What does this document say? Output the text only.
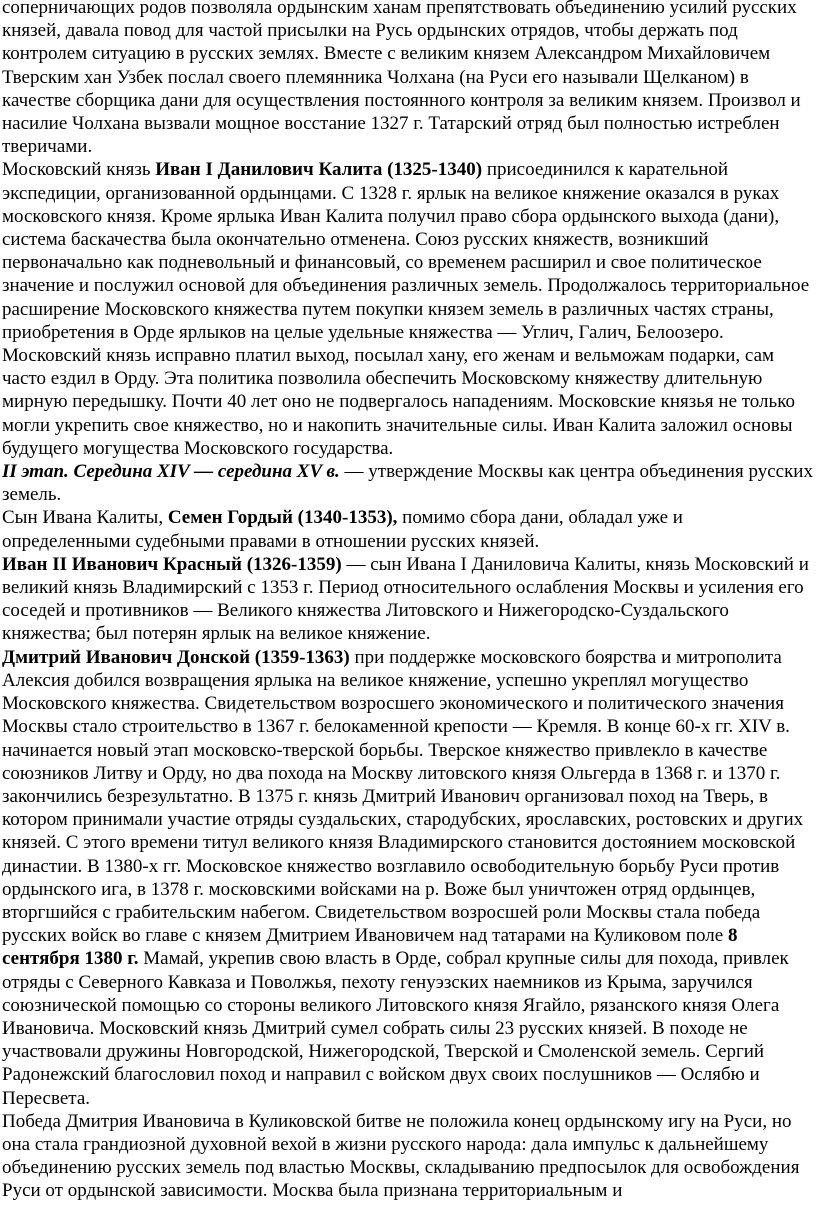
соперничающих родов позволяла ордынским ханам препятствовать объединению усилий русских князей, давала повод для частой присылки на Русь ордынских отрядов, чтобы держать под контролем ситуацию в русских землях. Вместе с великим князем Александром Михайловичем Тверским хан Узбек послал своего племянника Чолхана (на Руси его называли Щелканом) в качестве сборщика дани для осуществления постоянного контроля за великим князем. Произвол и насилие Чолхана вызвали мощное восстание 1327 г. Татарский отряд был полностью истреблен тверичами.

Московский князь Иван I Данилович Калита (1325-1340) присоединился к карательной экспедиции, организованной ордынцами. С 1328 г. ярлык на великое княжение оказался в руках московского князя. Кроме ярлыка Иван Калита получил право сбора ордынского выхода (дани), система баскачества была окончательно отменена. Союз русских княжеств, возникший первоначально как подневольный и финансовый, со временем расширил и свое политическое значение и послужил основой для объединения различных земель. Продолжалось территориальное расширение Московского княжества путем покупки князем земель в различных частях страны, приобретения в Орде ярлыков на целые удельные княжества — Углич, Галич, Белоозеро. Московский князь исправно платил выход, посылал хану, его женам и вельможам подарки, сам часто ездил в Орду. Эта политика позволила обеспечить Московскому княжеству длительную мирную передышку. Почти 40 лет оно не подвергалось нападениям. Московские князья не только могли укрепить свое княжество, но и накопить значительные силы. Иван Калита заложил основы будущего могущества Московского государства.

II этап. Середина XIV — середина XV в. — утверждение Москвы как центра объединения русских земель.

Сын Ивана Калиты, Семен Гордый (1340-1353), помимо сбора дани, обладал уже и определенными судебными правами в отношении русских князей.

Иван II Иванович Красный (1326-1359) — сын Ивана I Даниловича Калиты, князь Московский и великий князь Владимирский с 1353 г. Период относительного ослабления Москвы и усиления его соседей и противников — Великого княжества Литовского и Нижегородско-Суздальского княжества; был потерян ярлык на великое княжение.

Дмитрий Иванович Донской (1359-1363) при поддержке московского боярства и митрополита Алексия добился возвращения ярлыка на великое княжение, успешно укреплял могущество Московского княжества. Свидетельством возросшего экономического и политического значения Москвы стало строительство в 1367 г. белокаменной крепости — Кремля. В конце 60-х гг. XIV в. начинается новый этап московско-тверской борьбы. Тверское княжество привлекло в качестве союзников Литву и Орду, но два похода на Москву литовского князя Ольгерда в 1368 г. и 1370 г. закончились безрезультатно. В 1375 г. князь Дмитрий Иванович организовал поход на Тверь, в котором принимали участие отряды суздальских, стародубских, ярославских, ростовских и других князей. С этого времени титул великого князя Владимирского становится достоянием московской династии. В 1380-х гг. Московское княжество возглавило освободительную борьбу Руси против ордынского ига, в 1378 г. московскими войсками на р. Воже был уничтожен отряд ордынцев, вторгшийся с грабительским набегом. Свидетельством возросшей роли Москвы стала победа русских войск во главе с князем Дмитрием Ивановичем над татарами на Куликовом поле 8 сентября 1380 г. Мамай, укрепив свою власть в Орде, собрал крупные силы для похода, привлек отряды с Северного Кавказа и Поволжья, пехоту генуэзских наемников из Крыма, заручился союзнической помощью со стороны великого Литовского князя Ягайло, рязанского князя Олега Ивановича. Московский князь Дмитрий сумел собрать силы 23 русских князей. В походе не участвовали дружины Новгородской, Нижегородской, Тверской и Смоленской земель. Сергий Радонежский благословил поход и направил с войском двух своих послушников — Ослябю и Пересвета.

Победа Дмитрия Ивановича в Куликовской битве не положила конец ордынскому игу на Руси, но она стала грандиозной духовной вехой в жизни русского народа: дала импульс к дальнейшему объединению русских земель под властью Москвы, складыванию предпосылок для освобождения Руси от ордынской зависимости. Москва была признана территориальным и
